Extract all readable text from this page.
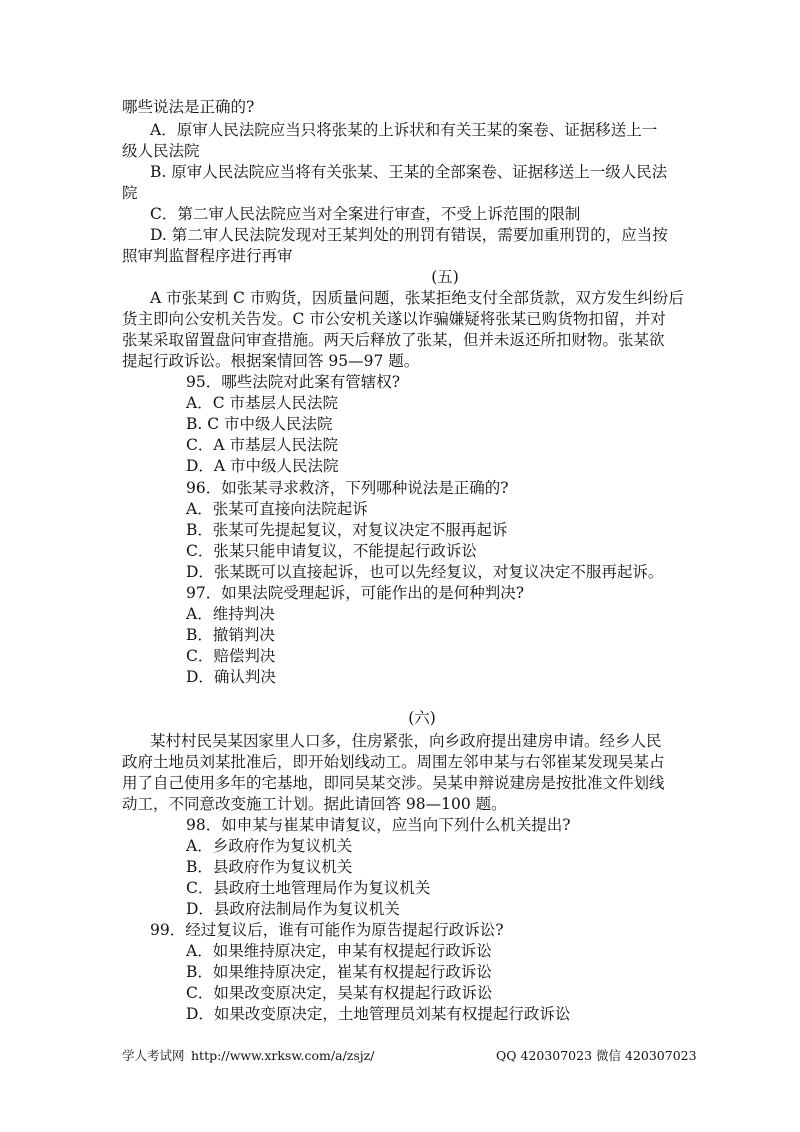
哪些说法是正确的?
A．原审人民法院应当只将张某的上诉状和有关王某的案卷、证据移送上一
级人民法院
B. 原审人民法院应当将有关张某、王某的全部案卷、证据移送上一级人民法
院
C．第二审人民法院应当对全案进行审查，不受上诉范围的限制
D. 第二审人民法院发现对王某判处的刑罚有错误，需要加重刑罚的，应当按
照审判监督程序进行再审
(五)
A 市张某到 C 市购货，因质量问题，张某拒绝支付全部货款，双方发生纠纷后
货主即向公安机关告发。C 市公安机关遂以诈骗嫌疑将张某已购货物扣留，并对
张某采取留置盘问审查措施。两天后释放了张某，但并未返还所扣财物。张某欲
提起行政诉讼。根据案情回答 95—97 题。
95．哪些法院对此案有管辖权?
A．C 市基层人民法院
B. C 市中级人民法院
C．A 市基层人民法院
D．A 市中级人民法院
96．如张某寻求救济，下列哪种说法是正确的?
A．张某可直接向法院起诉
B．张某可先提起复议，对复议决定不服再起诉
C．张某只能申请复议，不能提起行政诉讼
D．张某既可以直接起诉，也可以先经复议，对复议决定不服再起诉。
97．如果法院受理起诉，可能作出的是何种判决?
A．维持判决
B．撤销判决
C．赔偿判决
D．确认判决
(六)
某村村民吴某因家里人口多，住房紧张，向乡政府提出建房申请。经乡人民
政府土地员刘某批准后，即开始划线动工。周围左邻申某与右邻崔某发现吴某占
用了自己使用多年的宅基地，即同吴某交涉。吴某申辩说建房是按批准文件划线
动工，不同意改变施工计划。据此请回答 98—100 题。
98．如申某与崔某申请复议，应当向下列什么机关提出?
A．乡政府作为复议机关
B．县政府作为复议机关
C．县政府土地管理局作为复议机关
D．县政府法制局作为复议机关
99．经过复议后，谁有可能作为原告提起行政诉讼?
A．如果维持原决定，申某有权提起行政诉讼
B．如果维持原决定，崔某有权提起行政诉讼
C．如果改变原决定，吴某有权提起行政诉讼
D．如果改变原决定，土地管理员刘某有权提起行政诉讼
学人考试网 http://www.xrksw.com/a/zsjz/	QQ 420307023 微信 420307023
